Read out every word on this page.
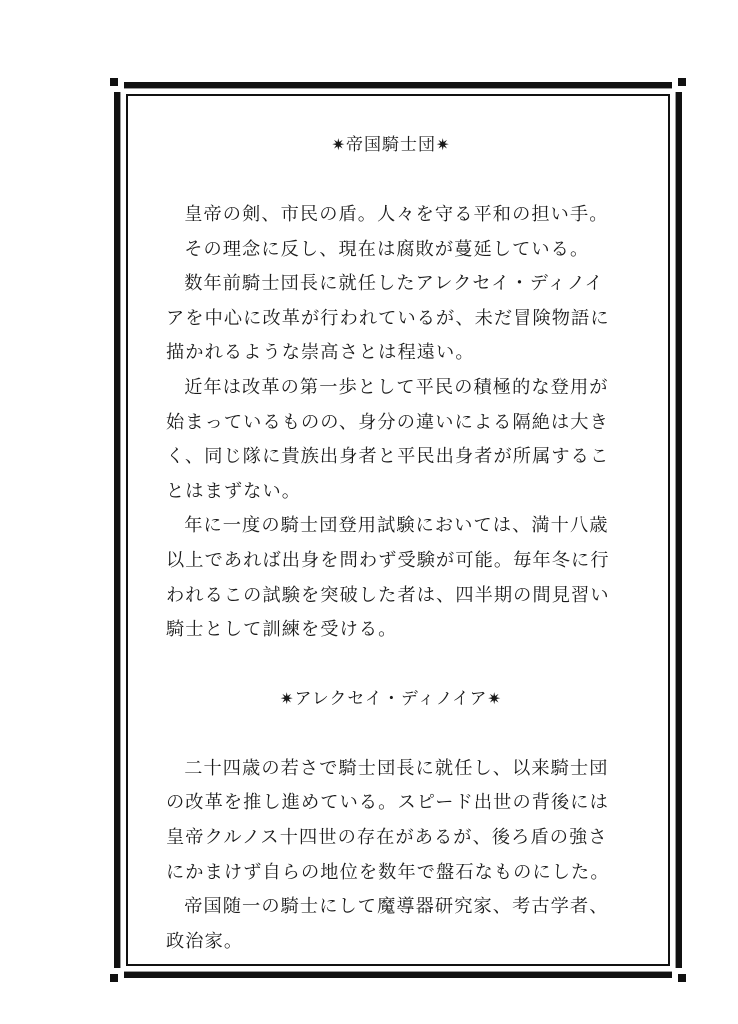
✷帝国騎士団✷

皇帝の剣、市民の盾。人々を守る平和の担い手。

その理念に反し、現在は腐敗が蔓延している。

数年前騎士団長に就任したアレクセイ・ディノイ
アを中心に改革が行われているが、未だ冒険物語に
描かれるような崇高さとは程遠い。

近年は改革の第一歩として平民の積極的な登用が
始まっているものの、身分の違いによる隔絶は大き
く、同じ隊に貴族出身者と平民出身者が所属するこ
とはまずない。

年に一度の騎士団登用試験においては、満十八歳
以上であれば出身を問わず受験が可能。毎年冬に行
われるこの試験を突破した者は、四半期の間見習い
騎士として訓練を受ける。

✷アレクセイ・ディノイア✷

二十四歳の若さで騎士団長に就任し、以来騎士団
の改革を推し進めている。スピード出世の背後には
皇帝クルノス十四世の存在があるが、後ろ盾の強さ
にかまけず自らの地位を数年で盤石なものにした。

帝国随一の騎士にして魔導器研究家、考古学者、
政治家。
